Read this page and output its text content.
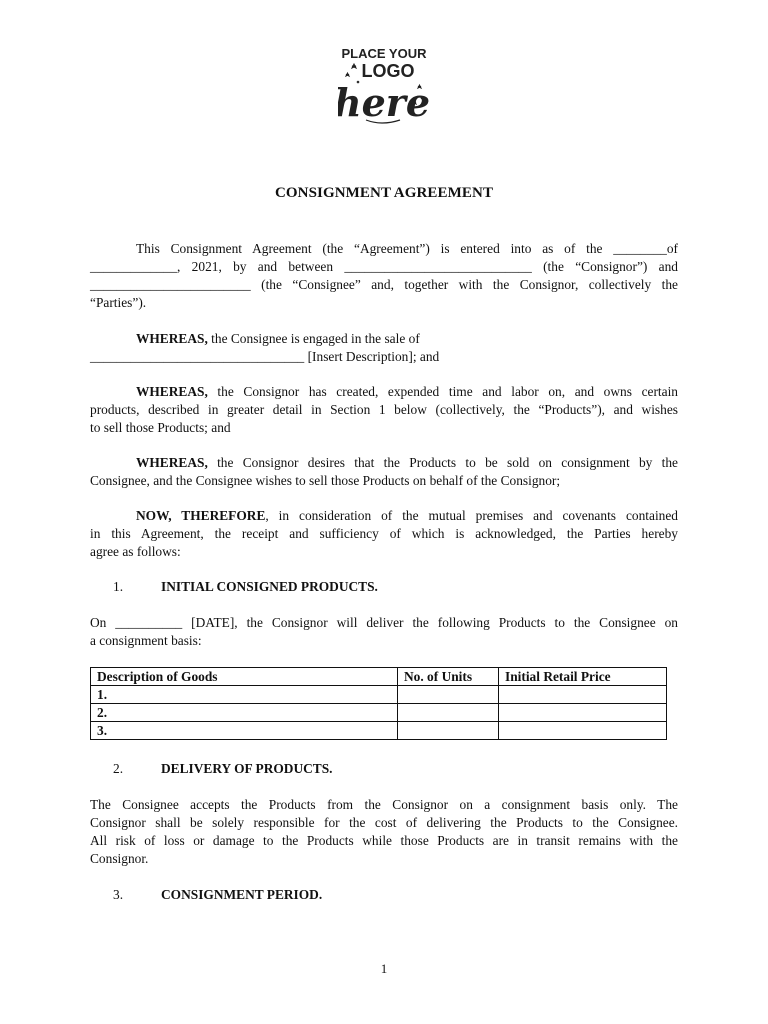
PLACE YOUR
LOGO
here
CONSIGNMENT AGREEMENT
This Consignment Agreement (the “Agreement”) is entered into as of the ________of
_____________, 2021, by and between ____________________________ (the “Consignor”) and
________________________ (the “Consignee” and, together with the Consignor, collectively the
“Parties”).
WHEREAS, the Consignee is engaged in the sale of
________________________________ [Insert Description]; and
WHEREAS, the Consignor has created, expended time and labor on, and owns certain
products, described in greater detail in Section 1 below (collectively, the “Products”), and wishes
to sell those Products; and
WHEREAS, the Consignor desires that the Products to be sold on consignment by the
Consignee, and the Consignee wishes to sell those Products on behalf of the Consignor;
NOW, THEREFORE, in consideration of the mutual premises and covenants contained
in this Agreement, the receipt and sufficiency of which is acknowledged, the Parties hereby
agree as follows:
1.	INITIAL CONSIGNED PRODUCTS.
On __________ [DATE], the Consignor will deliver the following Products to the Consignee on
a consignment basis:
Description of Goods	No. of Units	Initial Retail Price
1.		
2.		
3.		
2.	DELIVERY OF PRODUCTS.
The Consignee accepts the Products from the Consignor on a consignment basis only. The
Consignor shall be solely responsible for the cost of delivering the Products to the Consignee.
All risk of loss or damage to the Products while those Products are in transit remains with the
Consignor.
3.	CONSIGNMENT PERIOD.
1
